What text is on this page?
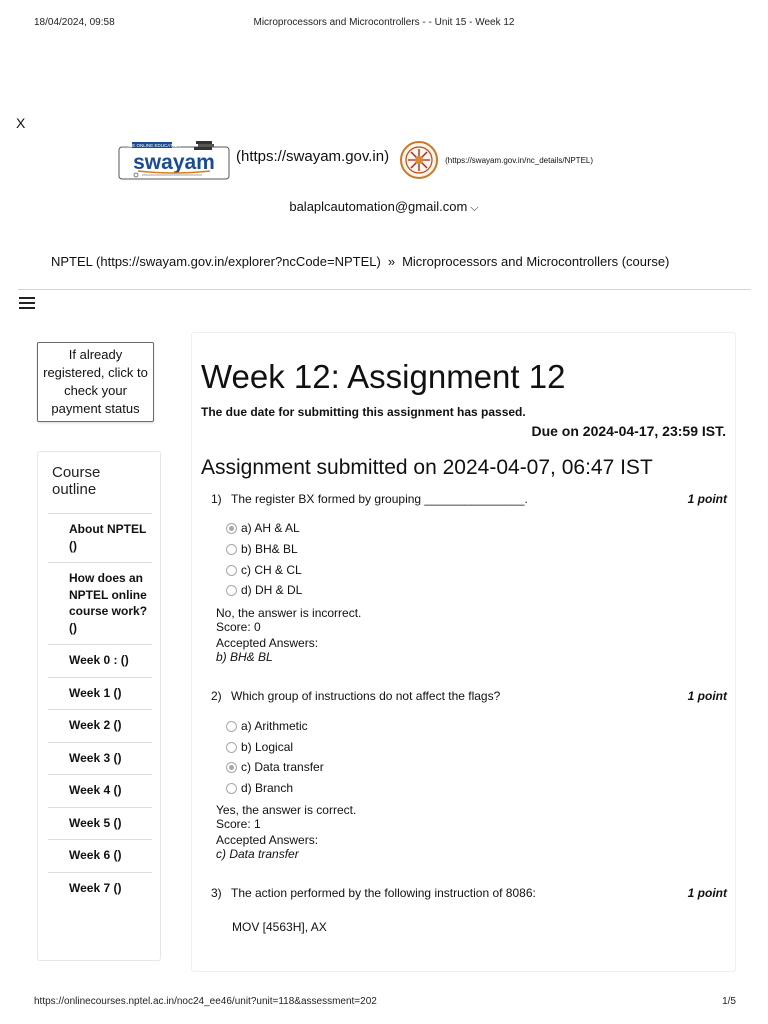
18/04/2024, 09:58	Microprocessors and Microcontrollers - - Unit 15 - Week 12
X
FREE ONLINE EDUCATION
swayam (https://swayam.gov.in)	(https://swayam.gov.in/nc_details/NPTEL)
balaplcautomation@gmail.com ⌵
NPTEL (https://swayam.gov.in/explorer?ncCode=NPTEL) » Microprocessors and Microcontrollers (course)
If already registered, click to check your payment status
Course
outline
About NPTEL ()
How does an NPTEL online course work? ()
Week 0 : ()
Week 1 ()
Week 2 ()
Week 3 ()
Week 4 ()
Week 5 ()
Week 6 ()
Week 7 ()
Week 12: Assignment 12
The due date for submitting this assignment has passed.
Due on 2024-04-17, 23:59 IST.
Assignment submitted on 2024-04-07, 06:47 IST
1) The register BX formed by grouping _______________.	1 point
a) AH & AL
b) BH& BL
c) CH & CL
d) DH & DL
No, the answer is incorrect.
Score: 0
Accepted Answers:
b) BH& BL
2) Which group of instructions do not affect the flags?	1 point
a) Arithmetic
b) Logical
c) Data transfer
d) Branch
Yes, the answer is correct.
Score: 1
Accepted Answers:
c) Data transfer
3) The action performed by the following instruction of 8086:	1 point
MOV [4563H], AX
https://onlinecourses.nptel.ac.in/noc24_ee46/unit?unit=118&assessment=202	1/5
